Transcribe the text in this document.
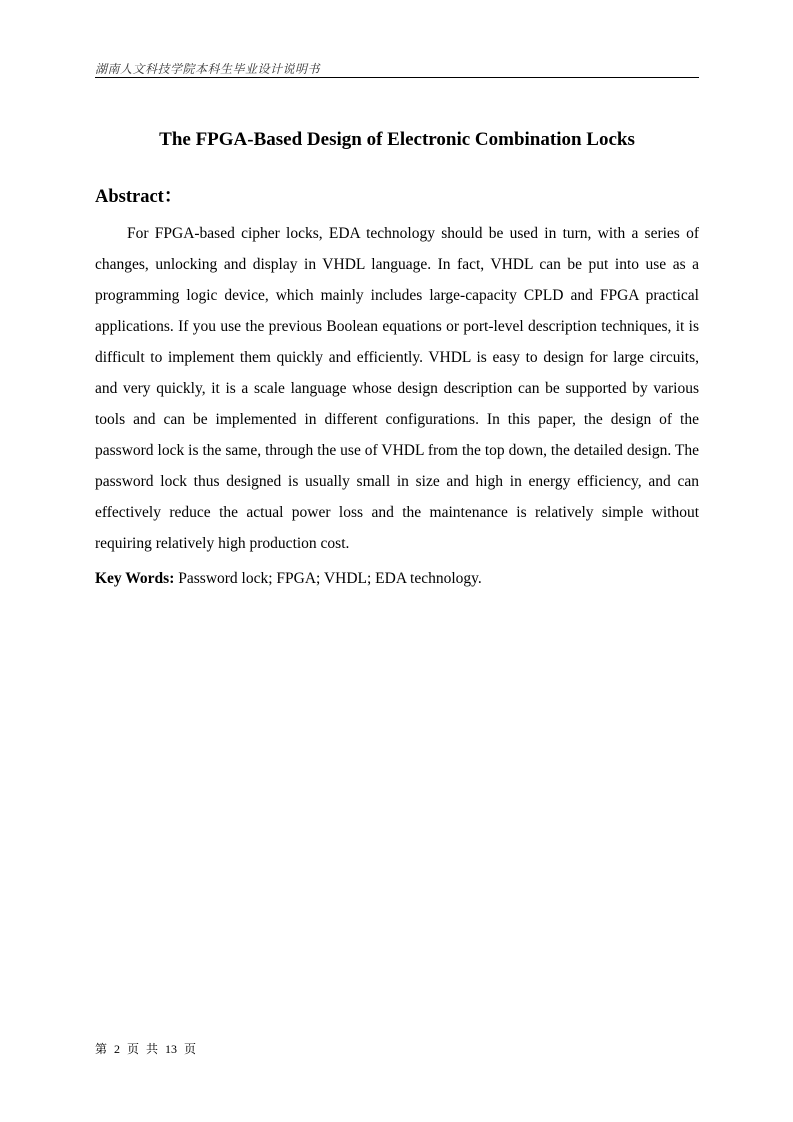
湖南人文科技学院本科生毕业设计说明书
The FPGA-Based Design of Electronic Combination Locks
Abstract：

For FPGA-based cipher locks, EDA technology should be used in turn, with a series of changes, unlocking and display in VHDL language. In fact, VHDL can be put into use as a programming logic device, which mainly includes large-capacity CPLD and FPGA practical applications. If you use the previous Boolean equations or port-level description techniques, it is difficult to implement them quickly and efficiently. VHDL is easy to design for large circuits, and very quickly, it is a scale language whose design description can be supported by various tools and can be implemented in different configurations. In this paper, the design of the password lock is the same, through the use of VHDL from the top down, the detailed design. The password lock thus designed is usually small in size and high in energy efficiency, and can effectively reduce the actual power loss and the maintenance is relatively simple without requiring relatively high production cost.

Key Words: Password lock; FPGA; VHDL; EDA technology.
第 2 页 共 13 页
